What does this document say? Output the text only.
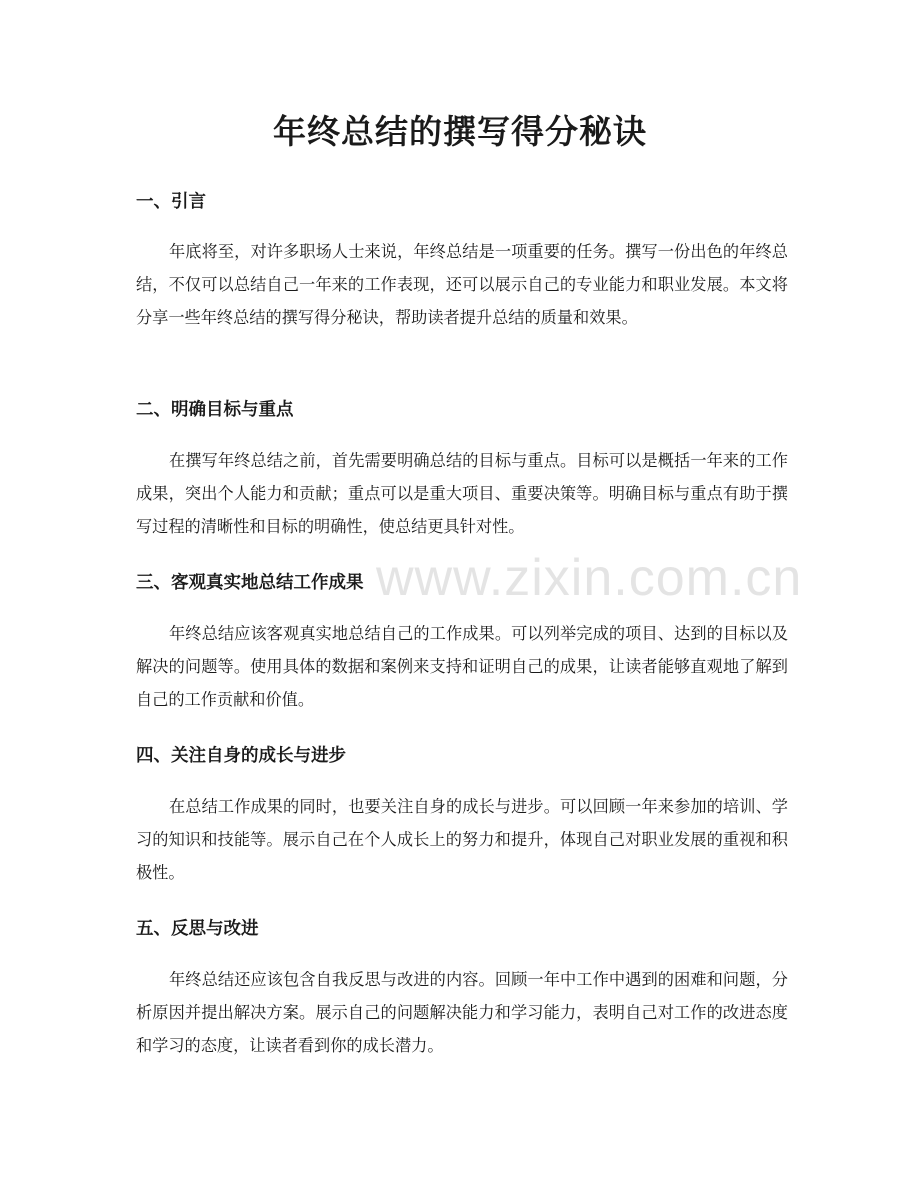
年终总结的撰写得分秘诀
一、引言
年底将至，对许多职场人士来说，年终总结是一项重要的任务。撰写一份出色的年终总结，不仅可以总结自己一年来的工作表现，还可以展示自己的专业能力和职业发展。本文将分享一些年终总结的撰写得分秘诀，帮助读者提升总结的质量和效果。
二、明确目标与重点
在撰写年终总结之前，首先需要明确总结的目标与重点。目标可以是概括一年来的工作成果，突出个人能力和贡献；重点可以是重大项目、重要决策等。明确目标与重点有助于撰写过程的清晰性和目标的明确性，使总结更具针对性。
三、客观真实地总结工作成果
年终总结应该客观真实地总结自己的工作成果。可以列举完成的项目、达到的目标以及解决的问题等。使用具体的数据和案例来支持和证明自己的成果，让读者能够直观地了解到自己的工作贡献和价值。
四、关注自身的成长与进步
在总结工作成果的同时，也要关注自身的成长与进步。可以回顾一年来参加的培训、学习的知识和技能等。展示自己在个人成长上的努力和提升，体现自己对职业发展的重视和积极性。
五、反思与改进
年终总结还应该包含自我反思与改进的内容。回顾一年中工作中遇到的困难和问题，分析原因并提出解决方案。展示自己的问题解决能力和学习能力，表明自己对工作的改进态度和学习的态度，让读者看到你的成长潜力。
www.zixin.com.cn
